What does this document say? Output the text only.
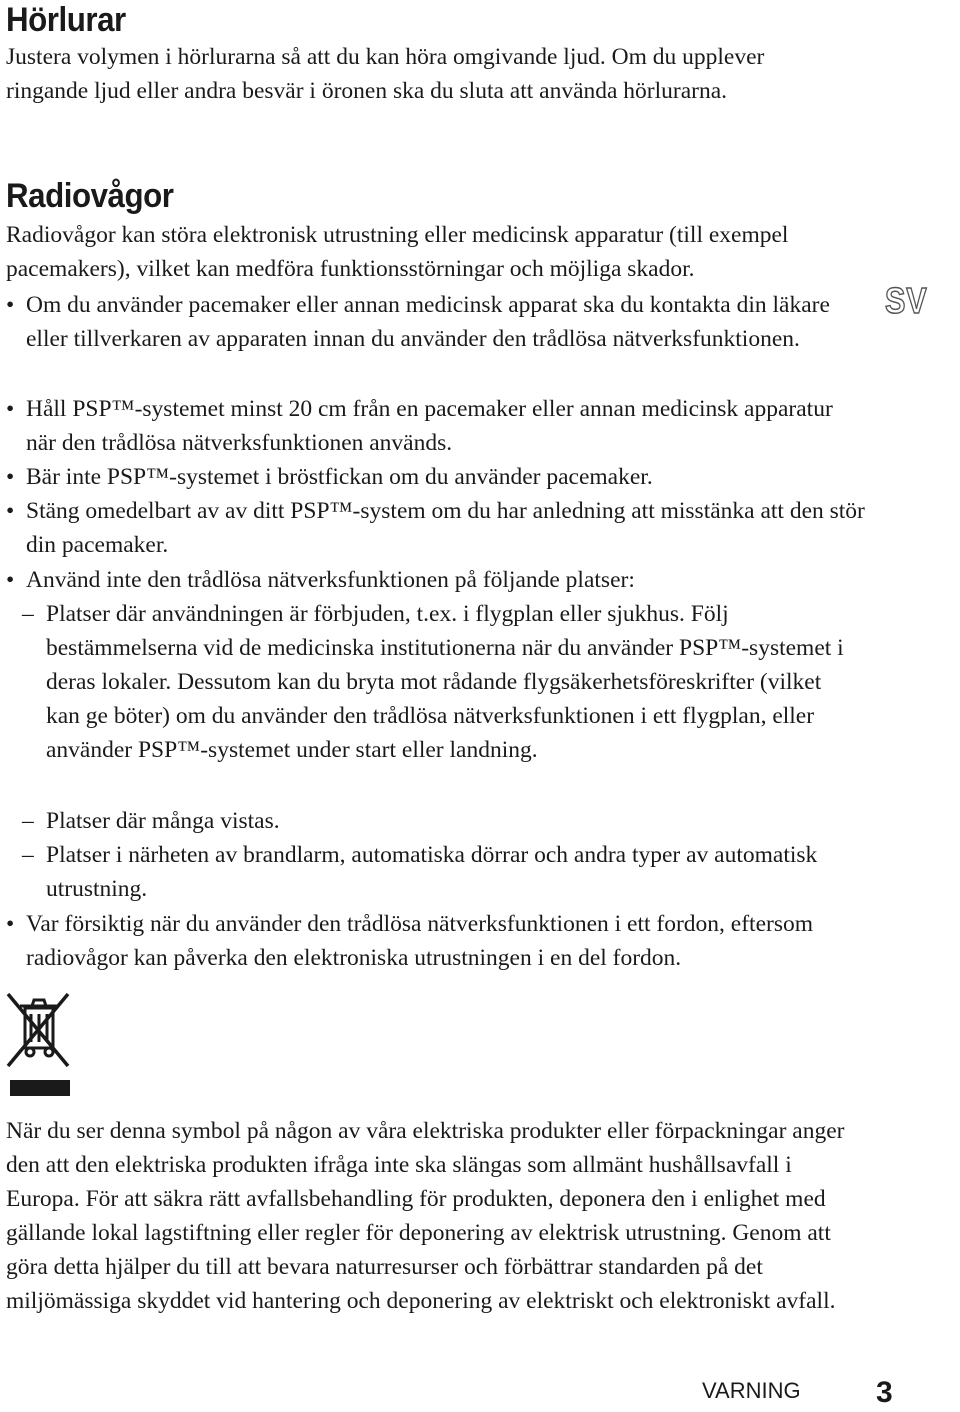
Hörlurar

Justera volymen i hörlurarna så att du kan höra omgivande ljud. Om du upplever ringande ljud eller andra besvär i öronen ska du sluta att använda hörlurarna.

Radiovågor

Radiovågor kan störa elektronisk utrustning eller medicinsk apparatur (till exempel pacemakers), vilket kan medföra funktionsstörningar och möjliga skador.

• Om du använder pacemaker eller annan medicinsk apparat ska du kontakta din läkare eller tillverkaren av apparaten innan du använder den trådlösa nätverksfunktionen.
• Håll PSP™-systemet minst 20 cm från en pacemaker eller annan medicinsk apparatur när den trådlösa nätverksfunktionen används.
• Bär inte PSP™-systemet i bröstfickan om du använder pacemaker.
• Stäng omedelbart av av ditt PSP™-system om du har anledning att misstänka att den stör din pacemaker.
• Använd inte den trådlösa nätverksfunktionen på följande platser:
– Platser där användningen är förbjuden, t.ex. i flygplan eller sjukhus. Följ bestämmelserna vid de medicinska institutionerna när du använder PSP™-systemet i deras lokaler. Dessutom kan du bryta mot rådande flygsäkerhetsföreskrifter (vilket kan ge böter) om du använder den trådlösa nätverksfunktionen i ett flygplan, eller använder PSP™-systemet under start eller landning.
– Platser där många vistas.
– Platser i närheten av brandlarm, automatiska dörrar och andra typer av automatisk utrustning.
• Var försiktig när du använder den trådlösa nätverksfunktionen i ett fordon, eftersom radiovågor kan påverka den elektroniska utrustningen i en del fordon.

När du ser denna symbol på någon av våra elektriska produkter eller förpackningar anger den att den elektriska produkten ifråga inte ska slängas som allmänt hushållsavfall i Europa. För att säkra rätt avfallsbehandling för produkten, deponera den i enlighet med gällande lokal lagstiftning eller regler för deponering av elektrisk utrustning. Genom att göra detta hjälper du till att bevara naturresurser och förbättrar standarden på det miljömässiga skyddet vid hantering och deponering av elektriskt och elektroniskt avfall.

SV
VARNING	3
